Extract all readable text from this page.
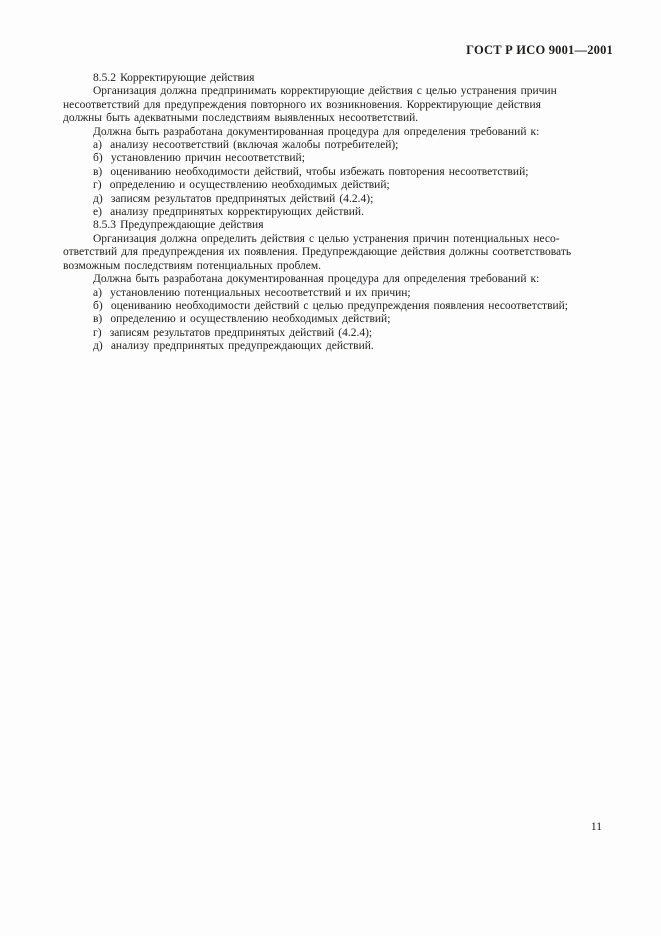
ГОСТ Р ИСО 9001—2001
8.5.2 Корректирующие действия
Организация должна предпринимать корректирующие действия с целью устранения причин
несоответствий для предупреждения повторного их возникновения. Корректирующие действия
должны быть адекватными последствиям выявленных несоответствий.
Должна быть разработана документированная процедура для определения требований к:
а)  анализу несоответствий (включая жалобы потребителей);
б)  установлению причин несоответствий;
в)  оцениванию необходимости действий, чтобы избежать повторения несоответствий;
г)  определению и осуществлению необходимых действий;
д)  записям результатов предпринятых действий (4.2.4);
е)  анализу предпринятых корректирующих действий.
8.5.3 Предупреждающие действия
Организация должна определить действия с целью устранения причин потенциальных несо-
ответствий для предупреждения их появления. Предупреждающие действия должны соответствовать
возможным последствиям потенциальных проблем.
Должна быть разработана документированная процедура для определения требований к:
а)  установлению потенциальных несоответствий и их причин;
б)  оцениванию необходимости действий с целью предупреждения появления несоответствий;
в)  определению и осуществлению необходимых действий;
г)  записям результатов предпринятых действий (4.2.4);
д)  анализу предпринятых предупреждающих действий.
11
